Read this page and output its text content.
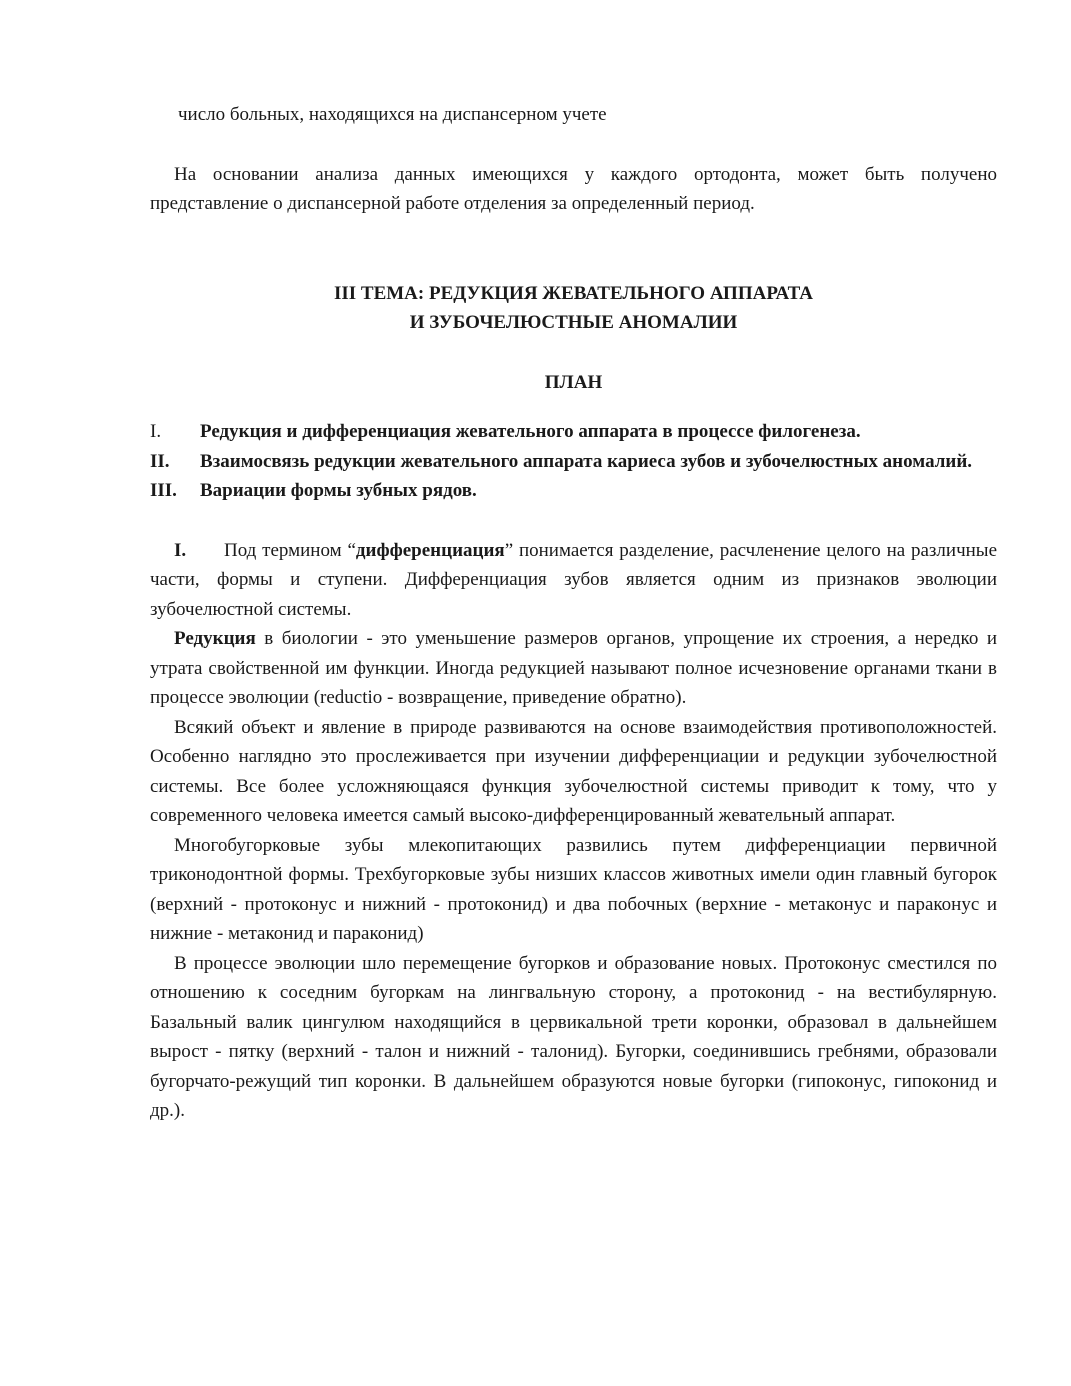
число больных, находящихся на диспансерном учете

На основании анализа данных имеющихся у каждого ортодонта, может быть получено представление о диспансерной работе отделения за определенный период.

III ТЕМА: РЕДУКЦИЯ ЖЕВАТЕЛЬНОГО АППАРАТА

И ЗУБОЧЕЛЮСТНЫЕ АНОМАЛИИ

ПЛАН

I.	Редукция и дифференциация жевательного аппарата в процессе филогенеза.
II.	Взаимосвязь редукции жевательного аппарата кариеса зубов и зубочелюстных аномалий.
III.	Вариации формы зубных рядов.

I. Под термином “дифференциация” понимается разделение, расчленение целого на различные части, формы и ступени. Дифференциация зубов является одним из признаков эволюции зубочелюстной системы.

Редукция в биологии - это уменьшение размеров органов, упрощение их строения, а нередко и утрата свойственной им функции. Иногда редукцией называют полное исчезновение органами ткани в процессе эволюции (reductio - возвращение, приведение обратно).

Всякий объект и явление в природе развиваются на основе взаимодействия противоположностей. Особенно наглядно это прослеживается при изучении дифференциации и редукции зубочелюстной системы. Все более усложняющаяся функция зубочелюстной системы приводит к тому, что у современного человека имеется самый высоко-дифференцированный жевательный аппарат.

Многобугорковые зубы млекопитающих развились путем дифференциации первичной триконодонтной формы. Трехбугорковые зубы низших классов животных имели один главный бугорок (верхний - протоконус и нижний - протоконид) и два побочных (верхние - метаконус и параконус и нижние - метаконид и параконид)

В процессе эволюции шло перемещение бугорков и образование новых. Протоконус сместился по отношению к соседним бугоркам на лингвальную сторону, а протоконид - на вестибулярную. Базальный валик цингулюм находящийся в цервикальной трети коронки, образовал в дальнейшем вырост - пятку (верхний - талон и нижний - талонид). Бугорки, соединившись гребнями, образовали бугорчато-режущий тип коронки. В дальнейшем образуются новые бугорки (гипоконус, гипоконид и др.).
